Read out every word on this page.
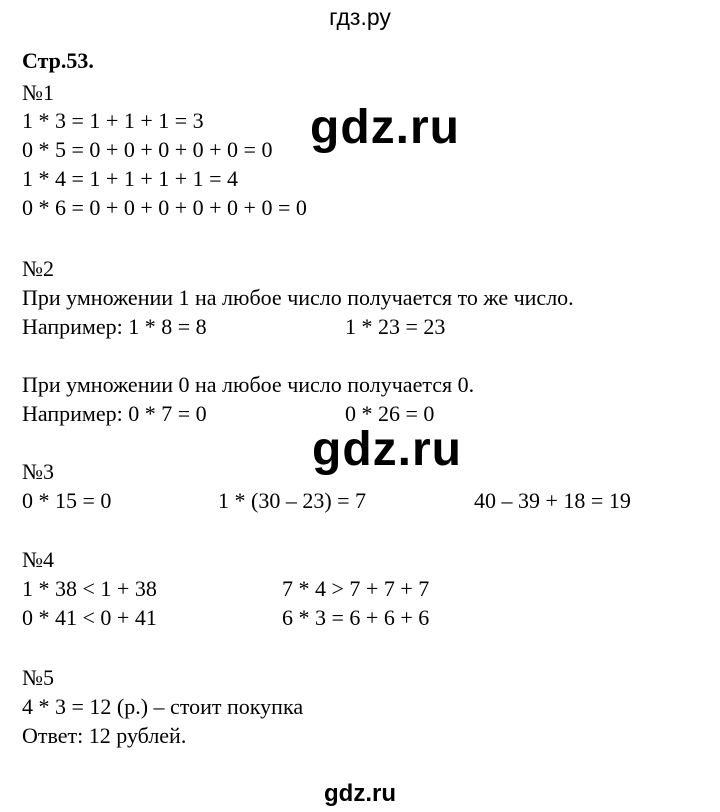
гдз.ру
Стр.53.
№1
1 * 3 = 1 + 1 + 1 = 3
0 * 5 = 0 + 0 + 0 + 0 + 0 = 0
1 * 4 = 1 + 1 + 1 + 1 = 4
0 * 6 = 0 + 0 + 0 + 0 + 0 + 0 = 0
gdz.ru
№2
При умножении 1 на любое число получается то же число.
Например: 1 * 8 = 8	1 * 23 = 23
При умножении 0 на любое число получается 0.
Например: 0 * 7 = 0	0 * 26 = 0
gdz.ru
№3
0 * 15 = 0	1 * (30 – 23) = 7	40 – 39 + 18 = 19
№4
1 * 38 < 1 + 38	7 * 4 > 7 + 7 + 7
0 * 41 < 0 + 41	6 * 3 = 6 + 6 + 6
№5
4 * 3 = 12 (р.) – стоит покупка
Ответ: 12 рублей.
gdz.ru
